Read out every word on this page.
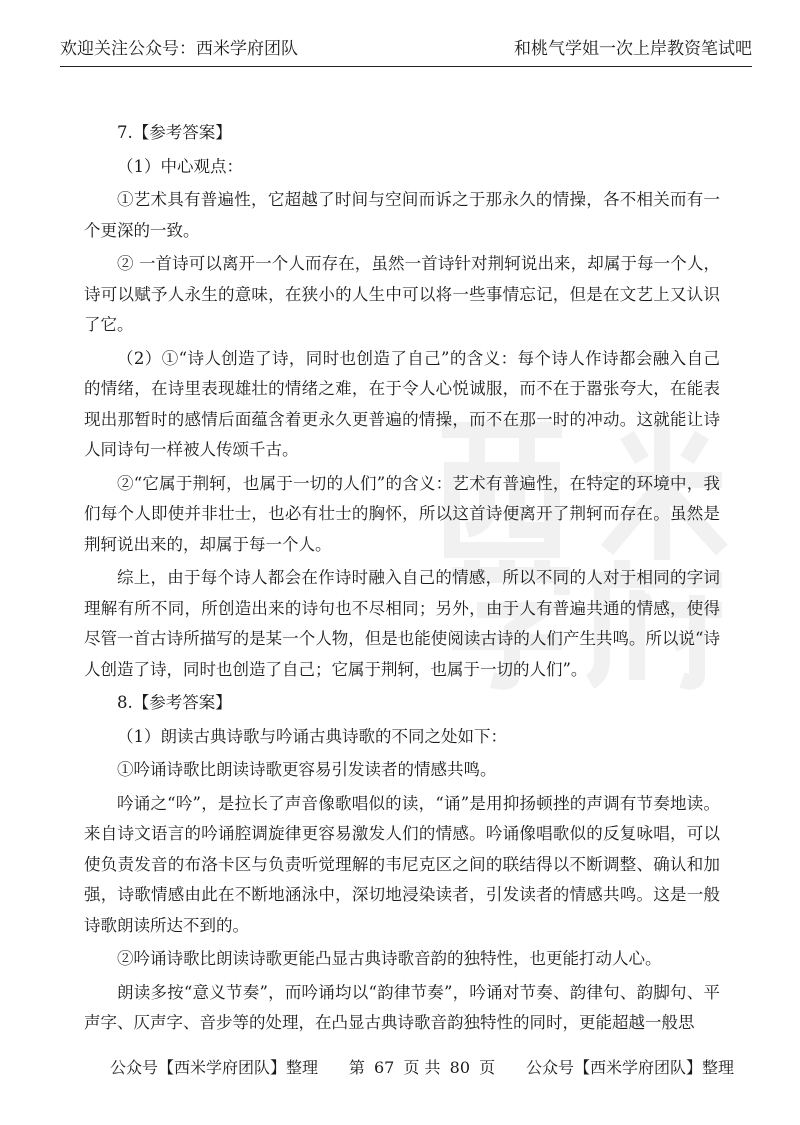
欢迎关注公众号：西米学府团队	和桃气学姐一次上岸教资笔试吧

7.【参考答案】

（1）中心观点：

①艺术具有普遍性，它超越了时间与空间而诉之于那永久的情操，各不相关而有一个更深的一致。

② 一首诗可以离开一个人而存在，虽然一首诗针对荆轲说出来，却属于每一个人，诗可以赋予人永生的意味，在狭小的人生中可以将一些事情忘记，但是在文艺上又认识了它。

（2）①“诗人创造了诗，同时也创造了自己”的含义：每个诗人作诗都会融入自己的情绪，在诗里表现雄壮的情绪之难，在于令人心悦诚服，而不在于嚣张夸大，在能表现出那暂时的感情后面蕴含着更永久更普遍的情操，而不在那一时的冲动。这就能让诗人同诗句一样被人传颂千古。

②“它属于荆轲，也属于一切的人们”的含义：艺术有普遍性，在特定的环境中，我们每个人即使并非壮士，也必有壮士的胸怀，所以这首诗便离开了荆轲而存在。虽然是荆轲说出来的，却属于每一个人。

综上，由于每个诗人都会在作诗时融入自己的情感，所以不同的人对于相同的字词理解有所不同，所创造出来的诗句也不尽相同；另外，由于人有普遍共通的情感，使得尽管一首古诗所描写的是某一个人物，但是也能使阅读古诗的人们产生共鸣。所以说“诗人创造了诗，同时也创造了自己；它属于荆轲，也属于一切的人们”。

8.【参考答案】

（1）朗读古典诗歌与吟诵古典诗歌的不同之处如下：

①吟诵诗歌比朗读诗歌更容易引发读者的情感共鸣。

吟诵之“吟”，是拉长了声音像歌唱似的读，“诵”是用抑扬顿挫的声调有节奏地读。来自诗文语言的吟诵腔调旋律更容易激发人们的情感。吟诵像唱歌似的反复咏唱，可以使负责发音的布洛卡区与负责听觉理解的韦尼克区之间的联结得以不断调整、确认和加强，诗歌情感由此在不断地涵泳中，深切地浸染读者，引发读者的情感共鸣。这是一般诗歌朗读所达不到的。

②吟诵诗歌比朗读诗歌更能凸显古典诗歌音韵的独特性，也更能打动人心。

朗读多按“意义节奏”，而吟诵均以“韵律节奏”，吟诵对节奏、韵律句、韵脚句、平声字、仄声字、音步等的处理，在凸显古典诗歌音韵独特性的同时，更能超越一般思

公众号【西米学府团队】整理 第 67 页 共 80 页 公众号【西米学府团队】整理
